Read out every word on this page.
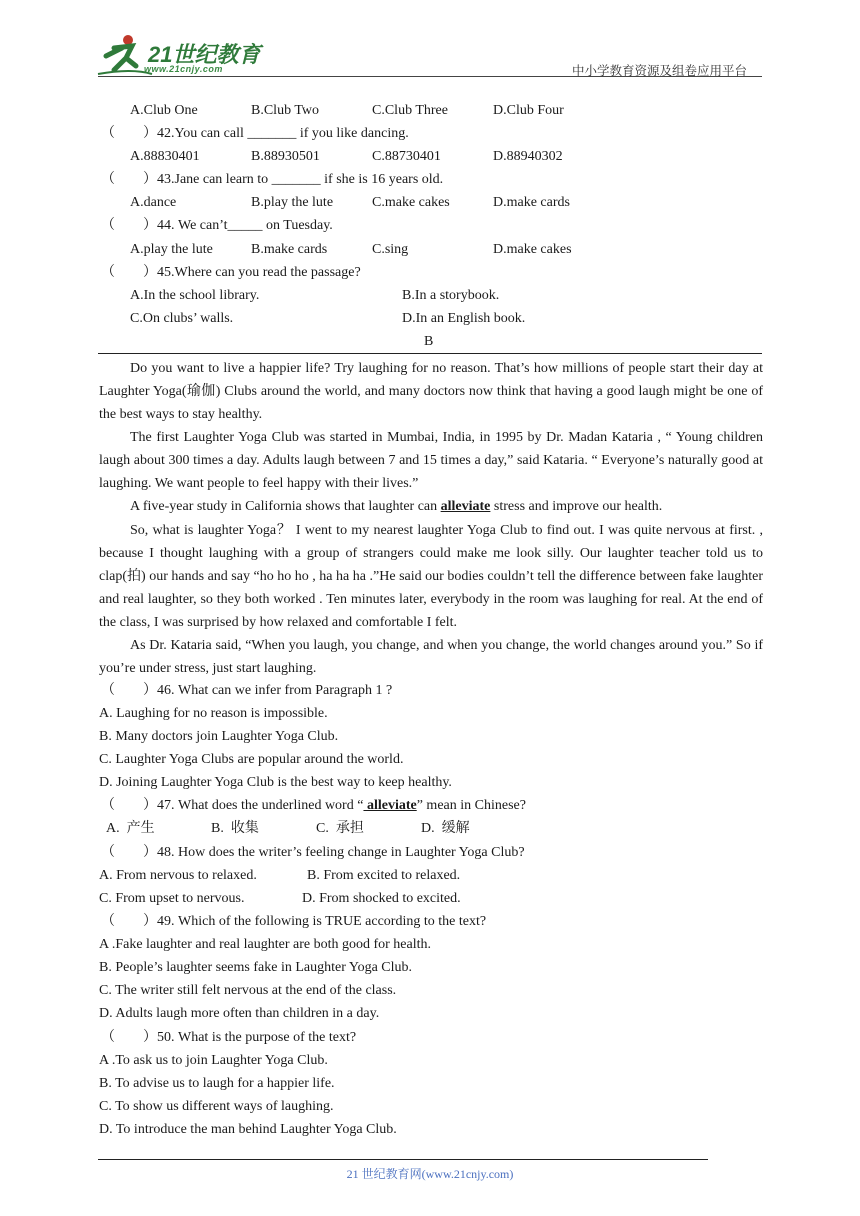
21世纪教育
www.21cnjy.com	中小学教育资源及组卷应用平台
A.Club One	B.Club Two	C.Club Three	D.Club Four
（　　）42.You can call _______ if you like dancing.
A.88830401	B.88930501	C.88730401	D.88940302
（　　）43.Jane can learn to _______ if she is 16 years old.
A.dance	B.play the lute	C.make cakes	D.make cards
（　　）44. We can’t_____ on Tuesday.
A.play the lute	B.make cards	C.sing	D.make cakes
（　　）45.Where can you read the passage?
A.In the school library.	B.In a storybook.
C.On clubs’ walls.	D.In an English book.
B
Do you want to live a happier life? Try laughing for no reason. That’s how millions of people start their day at Laughter Yoga(瑜伽) Clubs around the world, and many doctors now think that having a good laugh might be one of the best ways to stay healthy.
The first Laughter Yoga Club was started in Mumbai, India, in 1995 by Dr. Madan Kataria , “ Young children laugh about 300 times a day. Adults laugh between 7 and 15 times a day,” said Kataria. “ Everyone’s naturally good at laughing. We want people to feel happy with their lives.”
A five-year study in California shows that laughter can alleviate stress and improve our health.
So, what is laughter Yoga？ I went to my nearest laughter Yoga Club to find out. I was quite nervous at first. , because I thought laughing with a group of strangers could make me look silly. Our laughter teacher told us to clap(拍) our hands and say “ho ho ho , ha ha ha .”He said our bodies couldn’t tell the difference between fake laughter and real laughter, so they both worked . Ten minutes later, everybody in the room was laughing for real. At the end of the class, I was surprised by how relaxed and comfortable I felt.
As Dr. Kataria said, “When you laugh, you change, and when you change, the world changes around you.” So if you’re under stress, just start laughing.
（　　）46. What can we infer from Paragraph 1 ?
A. Laughing for no reason is impossible.
B. Many doctors join Laughter Yoga Club.
C. Laughter Yoga Clubs are popular around the world.
D. Joining Laughter Yoga Club is the best way to keep healthy.
（　　）47. What does the underlined word “ alleviate” mean in Chinese?
A.  产生	B.  收集	C.  承担	D.  缓解
（　　）48. How does the writer’s feeling change in Laughter Yoga Club?
A. From nervous to relaxed.	B. From excited to relaxed.
C. From upset to nervous.	D. From shocked to excited.
（　　）49. Which of the following is TRUE according to the text?
A .Fake laughter and real laughter are both good for health.
B. People’s laughter seems fake in Laughter Yoga Club.
C. The writer still felt nervous at the end of the class.
D. Adults laugh more often than children in a day.
（　　）50. What is the purpose of the text?
A .To ask us to join Laughter Yoga Club.
B. To advise us to laugh for a happier life.
C. To show us different ways of laughing.
D. To introduce the man behind Laughter Yoga Club.
21 世纪教育网(www.21cnjy.com)
